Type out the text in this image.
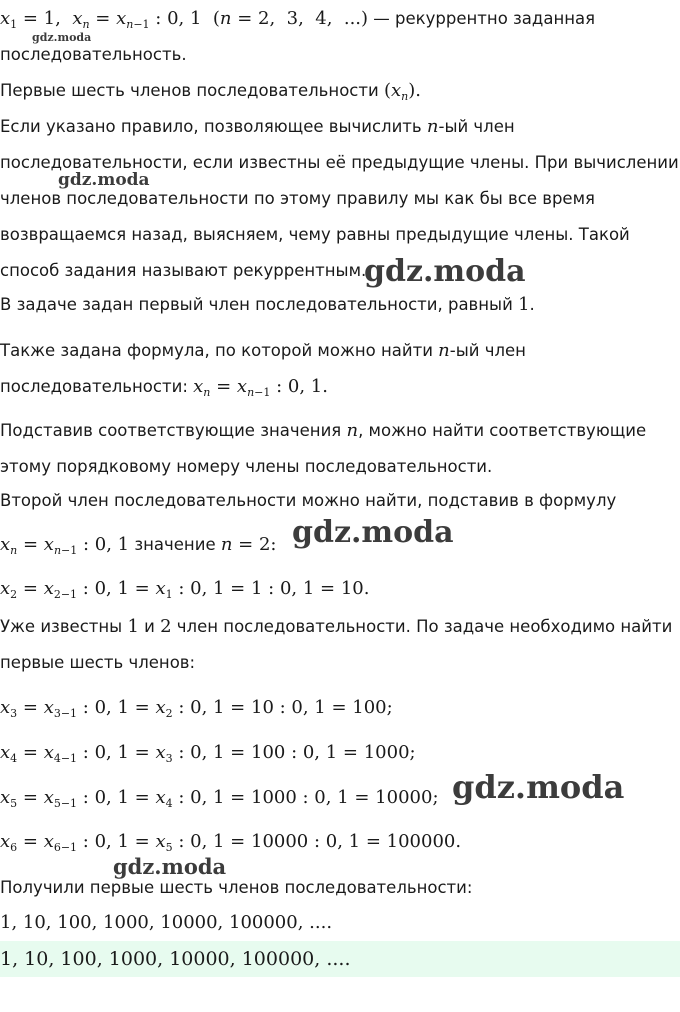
$x_1 = 1$,  $x_n = x_{n-1}$ : 0, 1  (n = 2,  3,  4,  ...) — рекуррентно заданная
последовательность.
Первые шесть членов последовательности $(x_n)$.
Если указано правило, позволяющее вычислить n-ый член
последовательности, если известны её предыдущие члены. При вычислении
членов последовательности по этому правилу мы как бы все время
возвращаемся назад, выясняем, чему равны предыдущие члены. Такой
способ задания называют рекуррентным.
В задаче задан первый член последовательности, равный 1.
Также задана формула, по которой можно найти n-ый член
последовательности: $x_n = x_{n-1}$ : 0, 1.
Подставив соответствующие значения n, можно найти соответствующие
этому порядковому номеру члены последовательности.
Второй член последовательности можно найти, подставив в формулу
$x_n = x_{n-1}$ : 0, 1 значение n = 2:
$x_2 = x_{2-1}$ : 0, $1 = x_1$ : 0, 1 = 1 : 0, 1 = 10.
Уже известны 1 и 2 член последовательности. По задаче необходимо найти
первые шесть членов:
$x_3 = x_{3-1}$ : 0, $1 = x_2$ : 0, 1 = 10 : 0, 1 = 100;
$x_4 = x_{4-1}$ : 0, $1 = x_3$ : 0, 1 = 100 : 0, 1 = 1000;
$x_5 = x_{5-1}$ : 0, $1 = x_4$ : 0, 1 = 1000 : 0, 1 = 10000;
$x_6 = x_{6-1}$ : 0, $1 = x_5$ : 0, 1 = 10000 : 0, 1 = 100000.
Получили первые шесть членов последовательности:
1, 10, 100, 1000, 10000, 100000, ....
1, 10, 100, 1000, 10000, 100000, ....
gdz.moda
gdz.moda
gdz.moda
gdz.moda
gdz.moda
gdz.moda
